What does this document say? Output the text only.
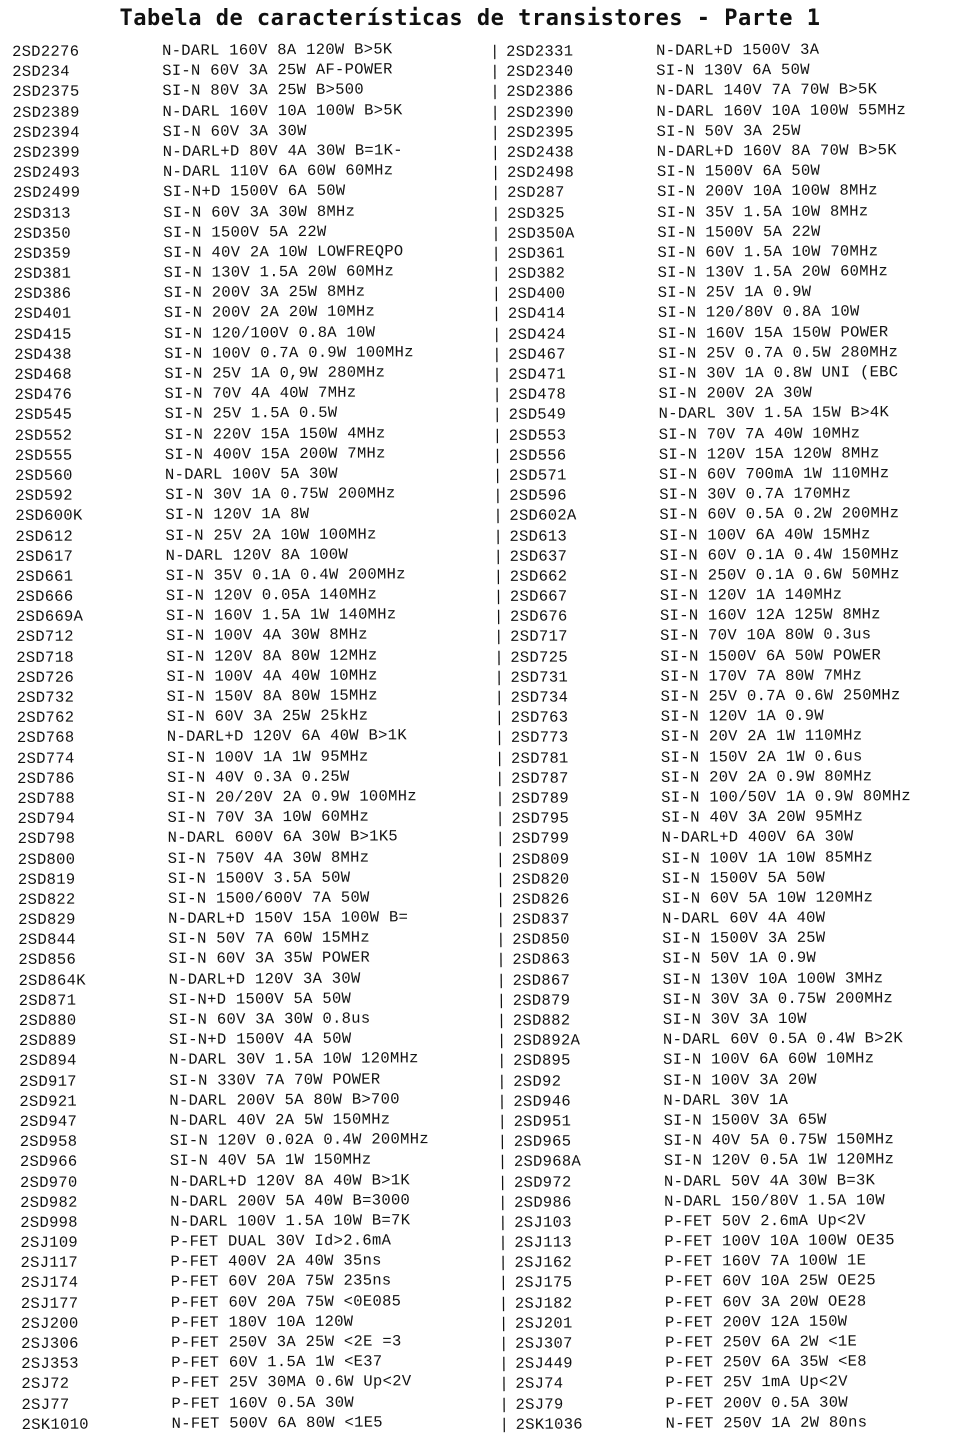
Tabela de características de transistores - Parte 1
2SD2276	N-DARL 160V 8A 120W B>5K
2SD234	SI-N 60V 3A 25W AF-POWER
2SD2375	SI-N 80V 3A 25W B>500
2SD2389	N-DARL 160V 10A 100W B>5K
2SD2394	SI-N 60V 3A 30W
2SD2399	N-DARL+D 80V 4A 30W B=1K-
2SD2493	N-DARL 110V 6A 60W 60MHz
2SD2499	SI-N+D 1500V 6A 50W
2SD313	SI-N 60V 3A 30W 8MHz
2SD350	SI-N 1500V 5A 22W
2SD359	SI-N 40V 2A 10W LOWFREQPO
2SD381	SI-N 130V 1.5A 20W 60MHz
2SD386	SI-N 200V 3A 25W 8MHz
2SD401	SI-N 200V 2A 20W 10MHz
2SD415	SI-N 120/100V 0.8A 10W
2SD438	SI-N 100V 0.7A 0.9W 100MHz
2SD468	SI-N 25V 1A 0,9W 280MHz
2SD476	SI-N 70V 4A 40W 7MHz
2SD545	SI-N 25V 1.5A 0.5W
2SD552	SI-N 220V 15A 150W 4MHz
2SD555	SI-N 400V 15A 200W 7MHz
2SD560	N-DARL 100V 5A 30W
2SD592	SI-N 30V 1A 0.75W 200MHz
2SD600K	SI-N 120V 1A 8W
2SD612	SI-N 25V 2A 10W 100MHz
2SD617	N-DARL 120V 8A 100W
2SD661	SI-N 35V 0.1A 0.4W 200MHz
2SD666	SI-N 120V 0.05A 140MHz
2SD669A	SI-N 160V 1.5A 1W 140MHz
2SD712	SI-N 100V 4A 30W 8MHz
2SD718	SI-N 120V 8A 80W 12MHz
2SD726	SI-N 100V 4A 40W 10MHz
2SD732	SI-N 150V 8A 80W 15MHz
2SD762	SI-N 60V 3A 25W 25kHz
2SD768	N-DARL+D 120V 6A 40W B>1K
2SD774	SI-N 100V 1A 1W 95MHz
2SD786	SI-N 40V 0.3A 0.25W
2SD788	SI-N 20/20V 2A 0.9W 100MHz
2SD794	SI-N 70V 3A 10W 60MHz
2SD798	N-DARL 600V 6A 30W B>1K5
2SD800	SI-N 750V 4A 30W 8MHz
2SD819	SI-N 1500V 3.5A 50W
2SD822	SI-N 1500/600V 7A 50W
2SD829	N-DARL+D 150V 15A 100W B=
2SD844	SI-N 50V 7A 60W 15MHz
2SD856	SI-N 60V 3A 35W POWER
2SD864K	N-DARL+D 120V 3A 30W
2SD871	SI-N+D 1500V 5A 50W
2SD880	SI-N 60V 3A 30W 0.8us
2SD889	SI-N+D 1500V 4A 50W
2SD894	N-DARL 30V 1.5A 10W 120MHz
2SD917	SI-N 330V 7A 70W POWER
2SD921	N-DARL 200V 5A 80W B>700
2SD947	N-DARL 40V 2A 5W 150MHz
2SD958	SI-N 120V 0.02A 0.4W 200MHz
2SD966	SI-N 40V 5A 1W 150MHz
2SD970	N-DARL+D 120V 8A 40W B>1K
2SD982	N-DARL 200V 5A 40W B=3000
2SD998	N-DARL 100V 1.5A 10W B=7K
2SJ109	P-FET DUAL 30V Id>2.6mA
2SJ117	P-FET 400V 2A 40W 35ns
2SJ174	P-FET 60V 20A 75W 235ns
2SJ177	P-FET 60V 20A 75W <0E085
2SJ200	P-FET 180V 10A 120W
2SJ306	P-FET 250V 3A 25W <2E =3
2SJ353	P-FET 60V 1.5A 1W <E37
2SJ72	P-FET 25V 30MA 0.6W Up<2V
2SJ77	P-FET 160V 0.5A 30W
2SK1010	N-FET 500V 6A 80W <1E5
| 2SD2331	N-DARL+D 1500V 3A
| 2SD2340	SI-N 130V 6A 50W
| 2SD2386	N-DARL 140V 7A 70W B>5K
| 2SD2390	N-DARL 160V 10A 100W 55MHz
| 2SD2395	SI-N 50V 3A 25W
| 2SD2438	N-DARL+D 160V 8A 70W B>5K
| 2SD2498	SI-N 1500V 6A 50W
| 2SD287	SI-N 200V 10A 100W 8MHz
| 2SD325	SI-N 35V 1.5A 10W 8MHz
| 2SD350A	SI-N 1500V 5A 22W
| 2SD361	SI-N 60V 1.5A 10W 70MHz
| 2SD382	SI-N 130V 1.5A 20W 60MHz
| 2SD400	SI-N 25V 1A 0.9W
| 2SD414	SI-N 120/80V 0.8A 10W
| 2SD424	SI-N 160V 15A 150W POWER
| 2SD467	SI-N 25V 0.7A 0.5W 280MHz
| 2SD471	SI-N 30V 1A 0.8W UNI (EBC
| 2SD478	SI-N 200V 2A 30W
| 2SD549	N-DARL 30V 1.5A 15W B>4K
| 2SD553	SI-N 70V 7A 40W 10MHz
| 2SD556	SI-N 120V 15A 120W 8MHz
| 2SD571	SI-N 60V 700mA 1W 110MHz
| 2SD596	SI-N 30V 0.7A 170MHz
| 2SD602A	SI-N 60V 0.5A 0.2W 200MHz
| 2SD613	SI-N 100V 6A 40W 15MHz
| 2SD637	SI-N 60V 0.1A 0.4W 150MHz
| 2SD662	SI-N 250V 0.1A 0.6W 50MHz
| 2SD667	SI-N 120V 1A 140MHz
| 2SD676	SI-N 160V 12A 125W 8MHz
| 2SD717	SI-N 70V 10A 80W 0.3us
| 2SD725	SI-N 1500V 6A 50W POWER
| 2SD731	SI-N 170V 7A 80W 7MHz
| 2SD734	SI-N 25V 0.7A 0.6W 250MHz
| 2SD763	SI-N 120V 1A 0.9W
| 2SD773	SI-N 20V 2A 1W 110MHz
| 2SD781	SI-N 150V 2A 1W 0.6us
| 2SD787	SI-N 20V 2A 0.9W 80MHz
| 2SD789	SI-N 100/50V 1A 0.9W 80MHz
| 2SD795	SI-N 40V 3A 20W 95MHz
| 2SD799	N-DARL+D 400V 6A 30W
| 2SD809	SI-N 100V 1A 10W 85MHz
| 2SD820	SI-N 1500V 5A 50W
| 2SD826	SI-N 60V 5A 10W 120MHz
| 2SD837	N-DARL 60V 4A 40W
| 2SD850	SI-N 1500V 3A 25W
| 2SD863	SI-N 50V 1A 0.9W
| 2SD867	SI-N 130V 10A 100W 3MHz
| 2SD879	SI-N 30V 3A 0.75W 200MHz
| 2SD882	SI-N 30V 3A 10W
| 2SD892A	N-DARL 60V 0.5A 0.4W B>2K
| 2SD895	SI-N 100V 6A 60W 10MHz
| 2SD92	SI-N 100V 3A 20W
| 2SD946	N-DARL 30V 1A
| 2SD951	SI-N 1500V 3A 65W
| 2SD965	SI-N 40V 5A 0.75W 150MHz
| 2SD968A	SI-N 120V 0.5A 1W 120MHz
| 2SD972	N-DARL 50V 4A 30W B=3K
| 2SD986	N-DARL 150/80V 1.5A 10W
| 2SJ103	P-FET 50V 2.6mA Up<2V
| 2SJ113	P-FET 100V 10A 100W OE35
| 2SJ162	P-FET 160V 7A 100W 1E
| 2SJ175	P-FET 60V 10A 25W OE25
| 2SJ182	P-FET 60V 3A 20W OE28
| 2SJ201	P-FET 200V 12A 150W
| 2SJ307	P-FET 250V 6A 2W <1E
| 2SJ449	P-FET 250V 6A 35W <E8
| 2SJ74	P-FET 25V 1mA Up<2V
| 2SJ79	P-FET 200V 0.5A 30W
| 2SK1036	N-FET 250V 1A 2W 80ns
